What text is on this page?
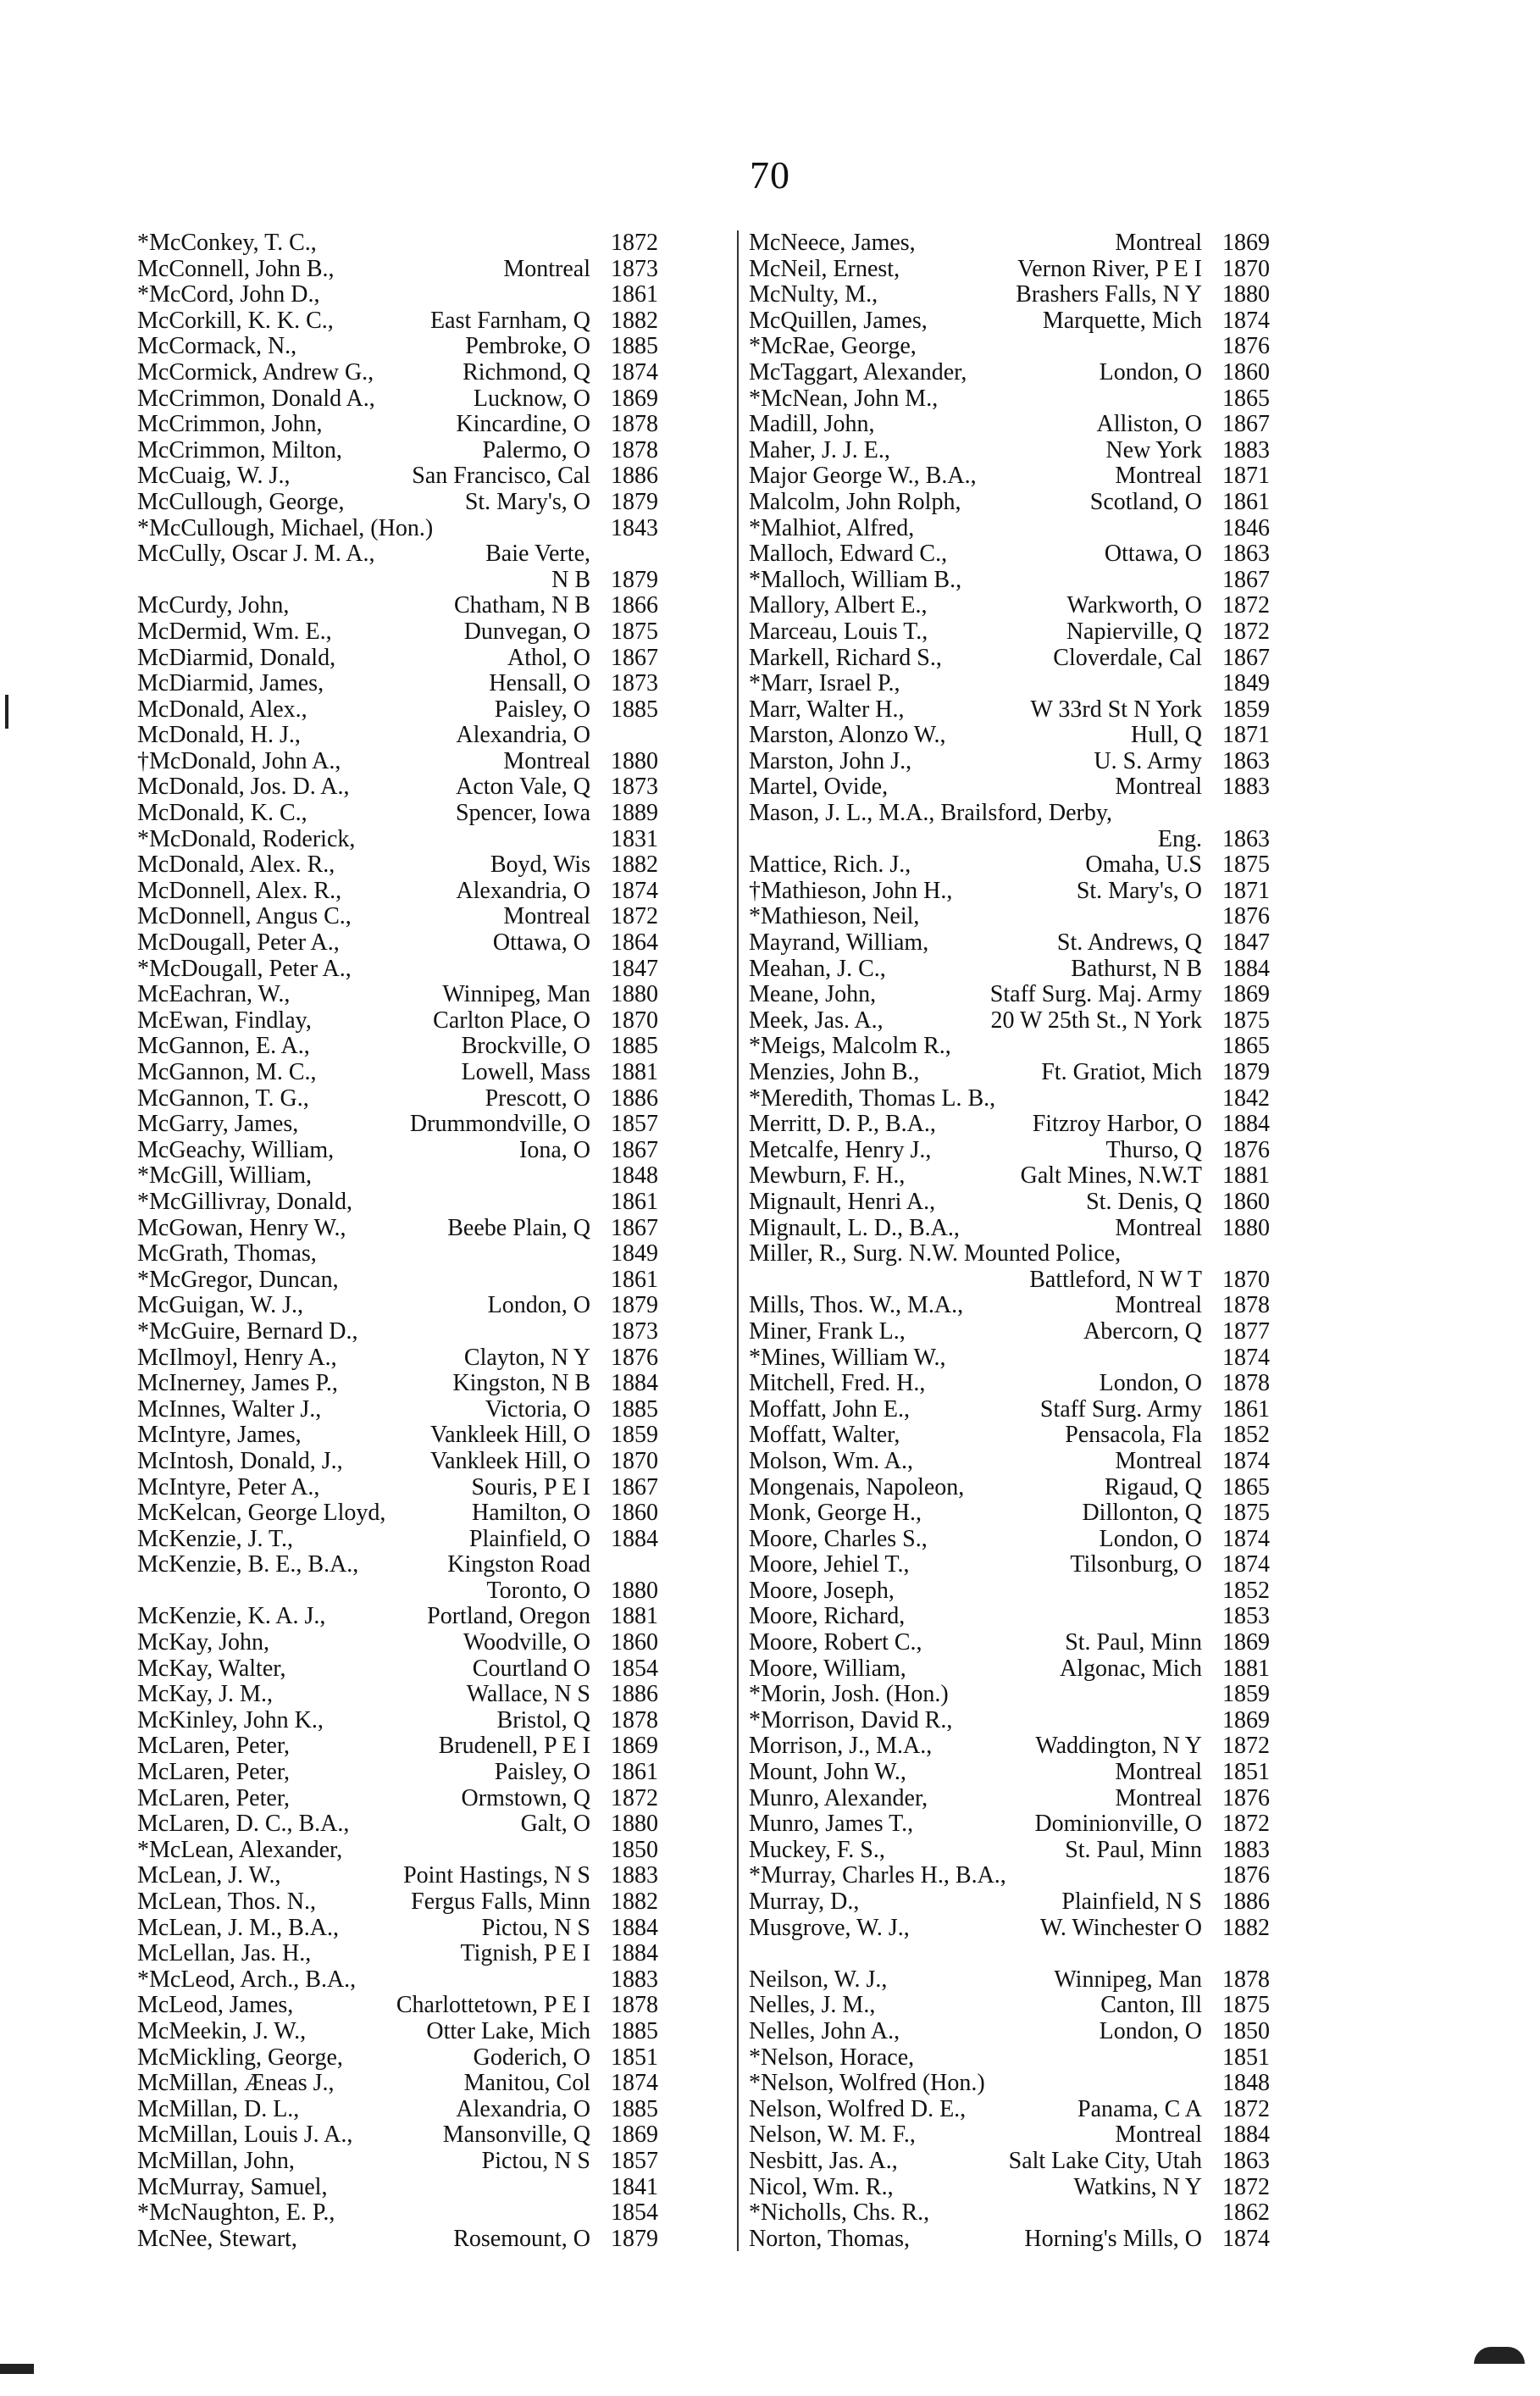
70
*McConkey, T. C.,	1872
McConnell, John B.,	Montreal 1873
*McCord, John D.,	1861
McCorkill, K. K. C.,	East Farnham, Q 1882
McCormack, N.,	Pembroke, O 1885
McCormick, Andrew G.,	Richmond, Q 1874
McCrimmon, Donald A.,	Lucknow, O 1869
McCrimmon, John,	Kincardine, O 1878
McCrimmon, Milton,	Palermo, O 1878
McCuaig, W. J.,	San Francisco, Cal 1886
McCullough, George,	St. Mary's, O 1879
*McCullough, Michael, (Hon.)	1843
McCully, Oscar J. M. A.,	Baie Verte,
N B 1879
McCurdy, John,	Chatham, N B 1866
McDermid, Wm. E.,	Dunvegan, O 1875
McDiarmid, Donald,	Athol, O 1867
McDiarmid, James,	Hensall, O 1873
McDonald, Alex.,	Paisley, O 1885
McDonald, H. J.,	Alexandria, O
†McDonald, John A.,	Montreal 1880
McDonald, Jos. D. A.,	Acton Vale, Q 1873
McDonald, K. C.,	Spencer, Iowa 1889
*McDonald, Roderick,	1831
McDonald, Alex. R.,	Boyd, Wis 1882
McDonnell, Alex. R.,	Alexandria, O 1874
McDonnell, Angus C.,	Montreal 1872
McDougall, Peter A.,	Ottawa, O 1864
*McDougall, Peter A.,	1847
McEachran, W.,	Winnipeg, Man 1880
McEwan, Findlay,	Carlton Place, O 1870
McGannon, E. A.,	Brockville, O 1885
McGannon, M. C.,	Lowell, Mass 1881
McGannon, T. G.,	Prescott, O 1886
McGarry, James,	Drummondville, O 1857
McGeachy, William,	Iona, O 1867
*McGill, William,	1848
*McGillivray, Donald,	1861
McGowan, Henry W.,	Beebe Plain, Q 1867
McGrath, Thomas,	1849
*McGregor, Duncan,	1861
McGuigan, W. J.,	London, O 1879
*McGuire, Bernard D.,	1873
McIlmoyl, Henry A.,	Clayton, N Y 1876
McInerney, James P.,	Kingston, N B 1884
McInnes, Walter J.,	Victoria, O 1885
McIntyre, James,	Vankleek Hill, O 1859
McIntosh, Donald, J.,	Vankleek Hill, O 1870
McIntyre, Peter A.,	Souris, P E I 1867
McKelcan, George Lloyd,	Hamilton, O 1860
McKenzie, J. T.,	Plainfield, O 1884
McKenzie, B. E., B.A.,	Kingston Road
Toronto, O 1880
McKenzie, K. A. J.,	Portland, Oregon 1881
McKay, John,	Woodville, O 1860
McKay, Walter,	Courtland O 1854
McKay, J. M.,	Wallace, N S 1886
McKinley, John K.,	Bristol, Q 1878
McLaren, Peter,	Brudenell, P E I 1869
McLaren, Peter,	Paisley, O 1861
McLaren, Peter,	Ormstown, Q 1872
McLaren, D. C., B.A.,	Galt, O 1880
*McLean, Alexander,	1850
McLean, J. W.,	Point Hastings, N S 1883
McLean, Thos. N.,	Fergus Falls, Minn 1882
McLean, J. M., B.A.,	Pictou, N S 1884
McLellan, Jas. H.,	Tignish, P E I 1884
*McLeod, Arch., B.A.,	1883
McLeod, James,	Charlottetown, P E I 1878
McMeekin, J. W.,	Otter Lake, Mich 1885
McMickling, George,	Goderich, O 1851
McMillan, Æneas J.,	Manitou, Col 1874
McMillan, D. L.,	Alexandria, O 1885
McMillan, Louis J. A.,	Mansonville, Q 1869
McMillan, John,	Pictou, N S 1857
McMurray, Samuel,	1841
*McNaughton, E. P.,	1854
McNee, Stewart,	Rosemount, O 1879
McNeece, James,	Montreal 1869
McNeil, Ernest,	Vernon River, P E I 1870
McNulty, M.,	Brashers Falls, N Y 1880
McQuillen, James,	Marquette, Mich 1874
*McRae, George,	1876
McTaggart, Alexander,	London, O 1860
*McNean, John M.,	1865
Madill, John,	Alliston, O 1867
Maher, J. J. E.,	New York 1883
Major George W., B.A.,	Montreal 1871
Malcolm, John Rolph,	Scotland, O 1861
*Malhiot, Alfred,	1846
Malloch, Edward C.,	Ottawa, O 1863
*Malloch, William B.,	1867
Mallory, Albert E.,	Warkworth, O 1872
Marceau, Louis T.,	Napierville, Q 1872
Markell, Richard S.,	Cloverdale, Cal 1867
*Marr, Israel P.,	1849
Marr, Walter H.,	W 33rd St N York 1859
Marston, Alonzo W.,	Hull, Q 1871
Marston, John J.,	U. S. Army 1863
Martel, Ovide,	Montreal 1883
Mason, J. L., M.A., Brailsford, Derby,
Eng. 1863
Mattice, Rich. J.,	Omaha, U.S 1875
†Mathieson, John H.,	St. Mary's, O 1871
*Mathieson, Neil,	1876
Mayrand, William,	St. Andrews, Q 1847
Meahan, J. C.,	Bathurst, N B 1884
Meane, John,	Staff Surg. Maj. Army 1869
Meek, Jas. A.,	20 W 25th St., N York 1875
*Meigs, Malcolm R.,	1865
Menzies, John B.,	Ft. Gratiot, Mich 1879
*Meredith, Thomas L. B.,	1842
Merritt, D. P., B.A.,	Fitzroy Harbor, O 1884
Metcalfe, Henry J.,	Thurso, Q 1876
Mewburn, F. H.,	Galt Mines, N.W.T 1881
Mignault, Henri A.,	St. Denis, Q 1860
Mignault, L. D., B.A.,	Montreal 1880
Miller, R., Surg. N.W. Mounted Police,
Battleford, N W T 1870
Mills, Thos. W., M.A.,	Montreal 1878
Miner, Frank L.,	Abercorn, Q 1877
*Mines, William W.,	1874
Mitchell, Fred. H.,	London, O 1878
Moffatt, John E.,	Staff Surg. Army 1861
Moffatt, Walter,	Pensacola, Fla 1852
Molson, Wm. A.,	Montreal 1874
Mongenais, Napoleon,	Rigaud, Q 1865
Monk, George H.,	Dillonton, Q 1875
Moore, Charles S.,	London, O 1874
Moore, Jehiel T.,	Tilsonburg, O 1874
Moore, Joseph,	1852
Moore, Richard,	1853
Moore, Robert C.,	St. Paul, Minn 1869
Moore, William,	Algonac, Mich 1881
*Morin, Josh. (Hon.)	1859
*Morrison, David R.,	1869
Morrison, J., M.A.,	Waddington, N Y 1872
Mount, John W.,	Montreal 1851
Munro, Alexander,	Montreal 1876
Munro, James T.,	Dominionville, O 1872
Muckey, F. S.,	St. Paul, Minn 1883
*Murray, Charles H., B.A.,	1876
Murray, D.,	Plainfield, N S 1886
Musgrove, W. J.,	W. Winchester O 1882
Neilson, W. J.,	Winnipeg, Man 1878
Nelles, J. M.,	Canton, Ill 1875
Nelles, John A.,	London, O 1850
*Nelson, Horace,	1851
*Nelson, Wolfred (Hon.)	1848
Nelson, Wolfred D. E.,	Panama, C A 1872
Nelson, W. M. F.,	Montreal 1884
Nesbitt, Jas. A.,	Salt Lake City, Utah 1863
Nicol, Wm. R.,	Watkins, N Y 1872
*Nicholls, Chs. R.,	1862
Norton, Thomas,	Horning's Mills, O 1874
